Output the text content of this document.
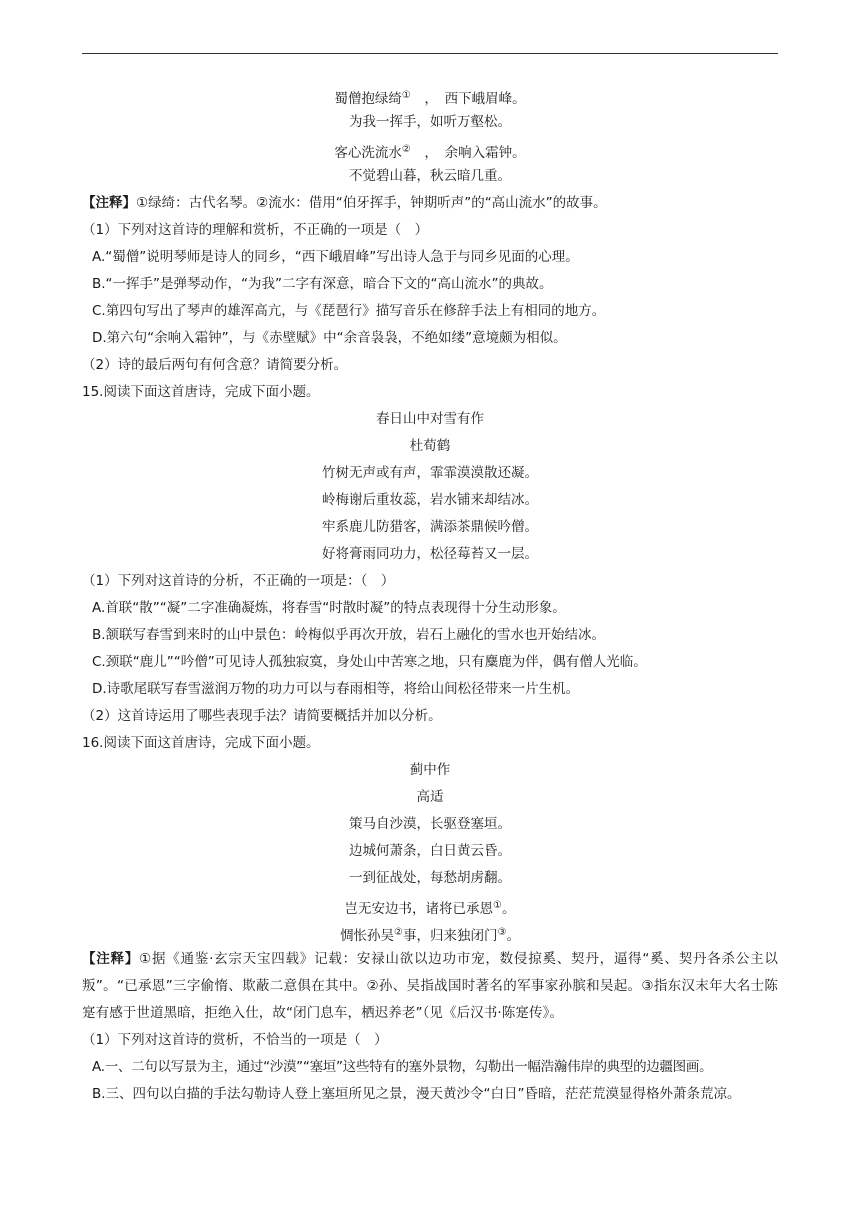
蜀僧抱绿绮①　 ，　西下峨眉峰。
为我一挥手，如听万壑松。
客心洗流水②　 ，　余响入霜钟。
不觉碧山暮，秋云暗几重。
【注释】①绿绮：古代名琴。②流水：借用“伯牙挥手，钟期听声”的“高山流水”的故事。
（1）下列对这首诗的理解和赏析，不正确的一项是（　）
A.“蜀僧”说明琴师是诗人的同乡，“西下峨眉峰”写出诗人急于与同乡见面的心理。
B.“一挥手”是弹琴动作，“为我”二字有深意，暗合下文的“高山流水”的典故。
C.第四句写出了琴声的雄浑高亢，与《琵琶行》描写音乐在修辞手法上有相同的地方。
D.第六句“余响入霜钟”，与《赤壁赋》中“余音袅袅，不绝如缕”意境颇为相似。
（2）诗的最后两句有何含意？请简要分析。
15.阅读下面这首唐诗，完成下面小题。
春日山中对雪有作
杜荀鹤
竹树无声或有声，霏霏漠漠散还凝。
岭梅谢后重妆蕊，岩水铺来却结冰。
牢系鹿儿防猎客，满添茶鼎候吟僧。
好将膏雨同功力，松径莓苔又一层。
（1）下列对这首诗的分析，不正确的一项是：（　）
A.首联“散”“凝”二字准确凝炼，将春雪“时散时凝”的特点表现得十分生动形象。
B.颔联写春雪到来时的山中景色：岭梅似乎再次开放，岩石上融化的雪水也开始结冰。
C.颈联“鹿儿”“吟僧”可见诗人孤独寂寞，身处山中苦寒之地，只有麋鹿为伴，偶有僧人光临。
D.诗歌尾联写春雪滋润万物的功力可以与春雨相等，将给山间松径带来一片生机。
（2）这首诗运用了哪些表现手法？请简要概括并加以分析。
16.阅读下面这首唐诗，完成下面小题。
蓟中作
高适
策马自沙漠，长驱登塞垣。
边城何萧条，白日黄云昏。
一到征战处，每愁胡虏翻。
岂无安边书，诸将已承恩①。
惆怅孙吴②事，归来独闭门③。
【注释】①据《通鉴·玄宗天宝四载》记载：安禄山欲以边功市宠，数侵掠奚、契丹，逼得“奚、契丹各杀公主以叛”。“已承恩”三字偷惰、欺蔽二意俱在其中。②孙、吴指战国时著名的军事家孙膑和吴起。③指东汉末年大名士陈寔有感于世道黑暗，拒绝入仕，故“闭门息车，栖迟养老”（见《后汉书·陈寔传》。
（1）下列对这首诗的赏析，不恰当的一项是（　）
A.一、二句以写景为主，通过“沙漠”“塞垣”这些特有的塞外景物，勾勒出一幅浩瀚伟岸的典型的边疆图画。
B.三、四句以白描的手法勾勒诗人登上塞垣所见之景，漫天黄沙令“白日”昏暗，茫茫荒漠显得格外萧条荒凉。
